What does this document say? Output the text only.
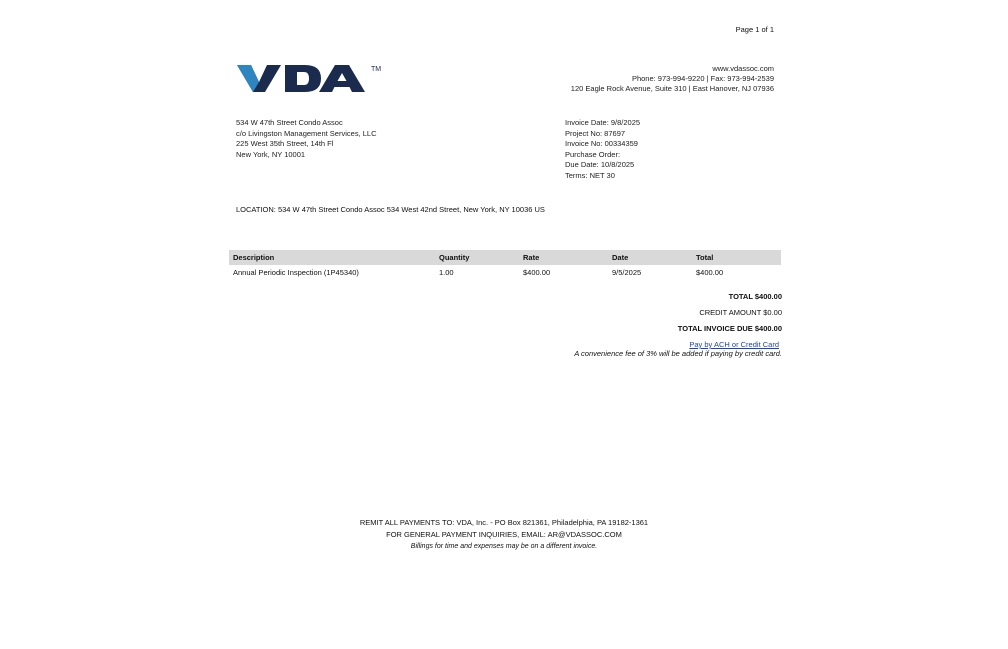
Page 1 of 1
TM	www.vdassoc.com
Phone: 973-994-9220 | Fax: 973-994-2539
120 Eagle Rock Avenue, Suite 310 | East Hanover, NJ 07936
534 W 47th Street Condo Assoc
c/o Livingston Management Services, LLC
225 West 35th Street, 14th Fl
New York, NY 10001
Invoice Date: 9/8/2025
Project No: 87697
Invoice No: 00334359
Purchase Order:
Due Date: 10/8/2025
Terms: NET 30
LOCATION: 534 W 47th Street Condo Assoc 534 West 42nd Street, New York, NY 10036 US
Description	Quantity	Rate	Date	Total
Annual Periodic Inspection (1P45340)	1.00	$400.00	9/5/2025	$400.00
TOTAL $400.00
CREDIT AMOUNT $0.00
TOTAL INVOICE DUE $400.00
Pay by ACH or Credit Card
A convenience fee of 3% will be added if paying by credit card.
REMIT ALL PAYMENTS TO: VDA, Inc. - PO Box 821361, Philadelphia, PA 19182-1361
FOR GENERAL PAYMENT INQUIRIES, EMAIL: AR@VDASSOC.COM
Billings for time and expenses may be on a different invoice.
